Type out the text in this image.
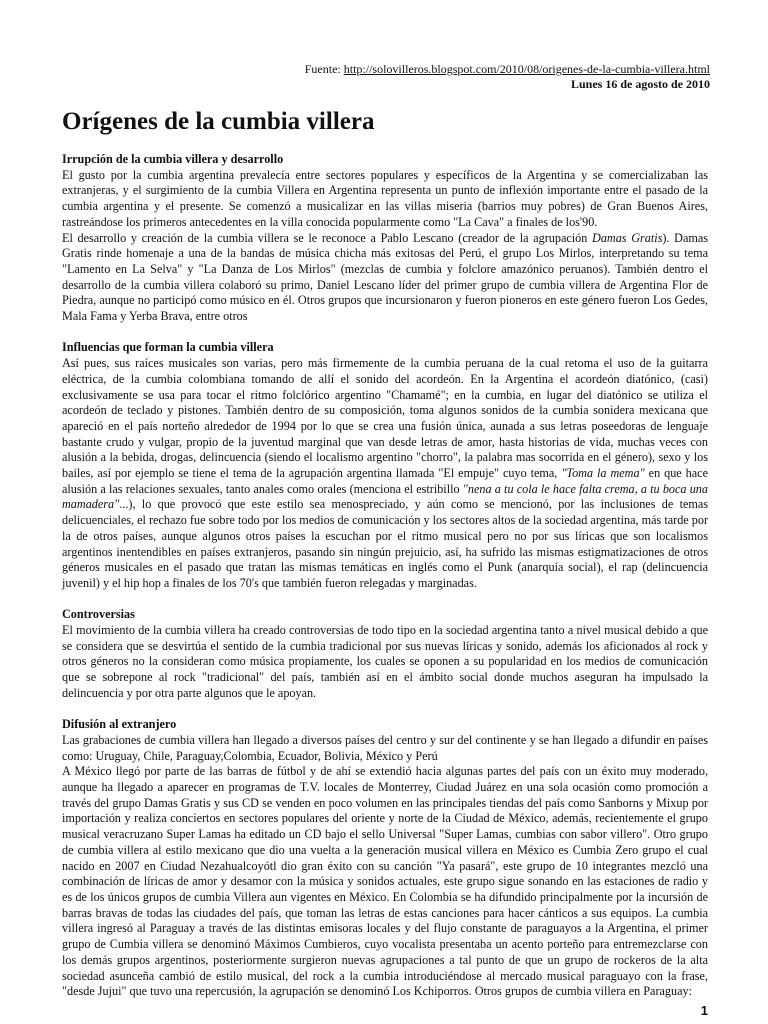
Fuente: http://solovilleros.blogspot.com/2010/08/origenes-de-la-cumbia-villera.html
Lunes 16 de agosto de 2010
Orígenes de la cumbia villera
Irrupción de la cumbia villera y desarrollo

El gusto por la cumbia argentina prevalecía entre sectores populares y específicos de la Argentina y se comercializaban las extranjeras, y el surgimiento de la cumbia Villera en Argentina representa un punto de inflexión importante entre el pasado de la cumbia argentina y el presente. Se comenzó a musicalizar en las villas miseria (barrios muy pobres) de Gran Buenos Aires, rastreándose los primeros antecedentes en la villa conocida popularmente como "La Cava" a finales de los'90.

El desarrollo y creación de la cumbia villera se le reconoce a Pablo Lescano (creador de la agrupación Damas Gratis). Damas Gratis rinde homenaje a una de la bandas de música chicha más exitosas del Perú, el grupo Los Mirlos, interpretando su tema "Lamento en La Selva" y "La Danza de Los Mirlos" (mezclas de cumbia y folclore amazónico peruanos). También dentro el desarrollo de la cumbia villera colaboró su primo, Daniel Lescano líder del primer grupo de cumbia villera de Argentina Flor de Piedra, aunque no participó como músico en él. Otros grupos que incursionaron y fueron pioneros en este género fueron Los Gedes, Mala Fama y Yerba Brava, entre otros

Influencias que forman la cumbia villera

Así pues, sus raíces musicales son varias, pero más firmemente de la cumbia peruana de la cual retoma el uso de la guitarra eléctrica, de la cumbia colombiana tomando de allí el sonido del acordeón. En la Argentina el acordeón diatónico, (casi) exclusivamente se usa para tocar el ritmo folclórico argentino "Chamamé"; en la cumbia, en lugar del diatónico se utiliza el acordeón de teclado y pistones. También dentro de su composición, toma algunos sonidos de la cumbia sonidera mexicana que apareció en el país norteño alrededor de 1994 por lo que se crea una fusión única, aunada a sus letras poseedoras de lenguaje bastante crudo y vulgar, propio de la juventud marginal que van desde letras de amor, hasta historias de vida, muchas veces con alusión a la bebida, drogas, delincuencia (siendo el localismo argentino "chorro", la palabra mas socorrida en el género), sexo y los bailes, así por ejemplo se tiene el tema de la agrupación argentina llamada "El empuje" cuyo tema, "Toma la mema" en que hace alusión a las relaciones sexuales, tanto anales como orales (menciona el estribillo "nena a tu cola le hace falta crema, a tu boca una mamadera"...), lo que provocó que este estilo sea menospreciado, y aún como se mencionó, por las inclusiones de temas delicuenciales, el rechazo fue sobre todo por los medios de comunicación y los sectores altos de la sociedad argentina, más tarde por la de otros países, aunque algunos otros países la escuchan por el ritmo musical pero no por sus líricas que son localismos argentinos inentendibles en países extranjeros, pasando sin ningún prejuicio, así, ha sufrido las mismas estigmatizaciones de otros géneros musicales en el pasado que tratan las mismas temáticas en inglés como el Punk (anarquía social), el rap (delincuencia juvenil) y el hip hop a finales de los 70's que también fueron relegadas y marginadas.

Controversias

El movimiento de la cumbia villera ha creado controversias de todo tipo en la sociedad argentina tanto a nivel musical debido a que se considera que se desvirtúa el sentido de la cumbia tradicional por sus nuevas líricas y sonido, además los aficionados al rock y otros géneros no la consideran como música propiamente, los cuales se oponen a su popularidad en los medios de comunicación que se sobrepone al rock "tradicional" del país, también así en el ámbito social donde muchos aseguran ha impulsado la delincuencia y por otra parte algunos que le apoyan.

Difusión al extranjero

Las grabaciones de cumbia villera han llegado a diversos países del centro y sur del continente y se han llegado a difundir en países como: Uruguay, Chile, Paraguay,Colombia, Ecuador, Bolivia, México y Perú

A México llegó por parte de las barras de fútbol y de ahí se extendió hacia algunas partes del país con un éxito muy moderado, aunque ha llegado a aparecer en programas de T.V. locales de Monterrey, Ciudad Juárez en una sola ocasión como promoción a través del grupo Damas Gratis y sus CD se venden en poco volumen en las principales tiendas del país como Sanborns y Mixup por importación y realiza conciertos en sectores populares del oriente y norte de la Ciudad de México, además, recientemente el grupo musical veracruzano Super Lamas ha editado un CD bajo el sello Universal "Super Lamas, cumbias con sabor villero". Otro grupo de cumbia villera al estilo mexicano que dio una vuelta a la generación musical villera en México es Cumbia Zero grupo el cual nacido en 2007 en Ciudad Nezahualcoyótl dio gran éxito con su canción "Ya pasará", este grupo de 10 integrantes mezcló una combinación de líricas de amor y desamor con la música y sonidos actuales, este grupo sigue sonando en las estaciones de radio y es de los únicos grupos de cumbia Villera aun vigentes en México. En Colombia se ha difundido principalmente por la incursión de barras bravas de todas las ciudades del país, que toman las letras de estas canciones para hacer cánticos a sus equipos. La cumbia villera ingresó al Paraguay a través de las distintas emisoras locales y del flujo constante de paraguayos a la Argentina, el primer grupo de Cumbia villera se denominó Máximos Cumbieros, cuyo vocalista presentaba un acento porteño para entremezclarse con los demás grupos argentinos, posteriormente surgieron nuevas agrupaciones a tal punto de que un grupo de rockeros de la alta sociedad asunceña cambió de estilo musical, del rock a la cumbia introduciéndose al mercado musical paraguayo con la frase, "desde Jujui" que tuvo una repercusión, la agrupación se denominó Los Kchiporros. Otros grupos de cumbia villera en Paraguay:

1
